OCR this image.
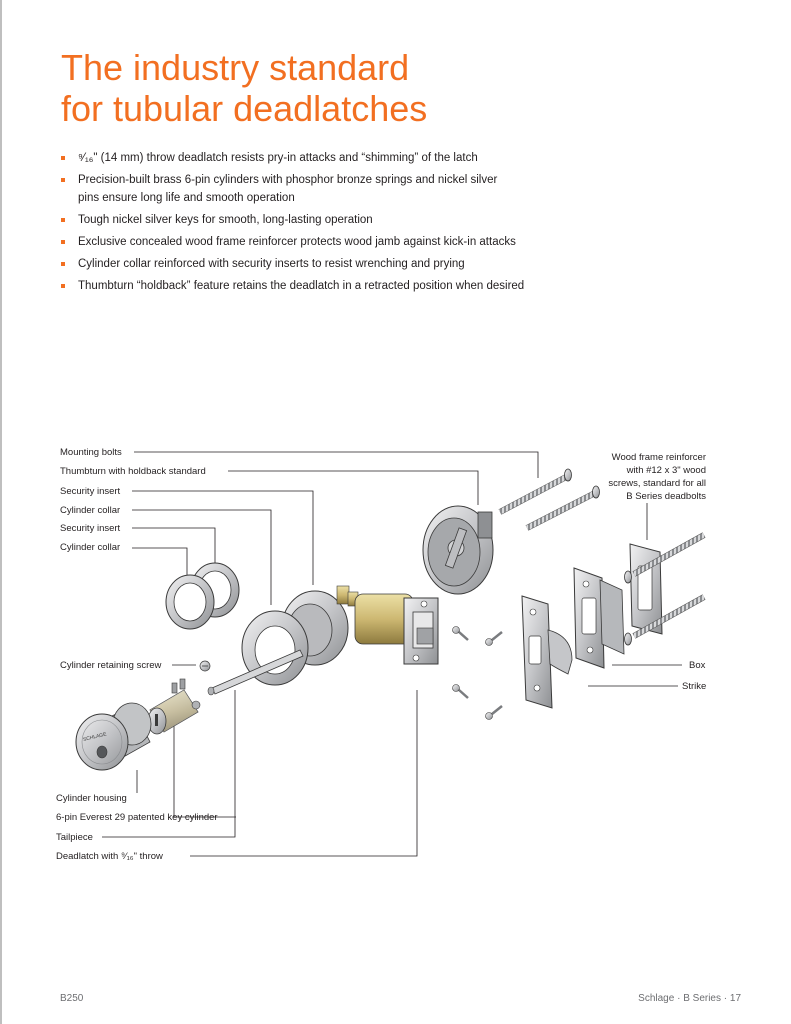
The industry standard
for tubular deadlatches
⁹⁄₁₆" (14 mm) throw deadlatch resists pry-in attacks and “shimming” of the latch
Precision-built brass 6-pin cylinders with phosphor bronze springs and nickel silver
pins ensure long life and smooth operation
Tough nickel silver keys for smooth, long-lasting operation
Exclusive concealed wood frame reinforcer protects wood jamb against kick-in attacks
Cylinder collar reinforced with security inserts to resist wrenching and prying
Thumbturn “holdback” feature retains the deadlatch in a retracted position when desired
SCHLAGE
Mounting bolts
Thumbturn with holdback standard
Security insert
Cylinder collar
Security insert
Cylinder collar
Cylinder retaining screw
Cylinder housing
6-pin Everest 29 patented key cylinder
Tailpiece
Deadlatch with ⁹⁄₁₆" throw
Wood frame reinforcer
with #12 x 3" wood
screws, standard for all
B Series deadbolts
Box
Strike
B250	Schlage · B Series · 17
